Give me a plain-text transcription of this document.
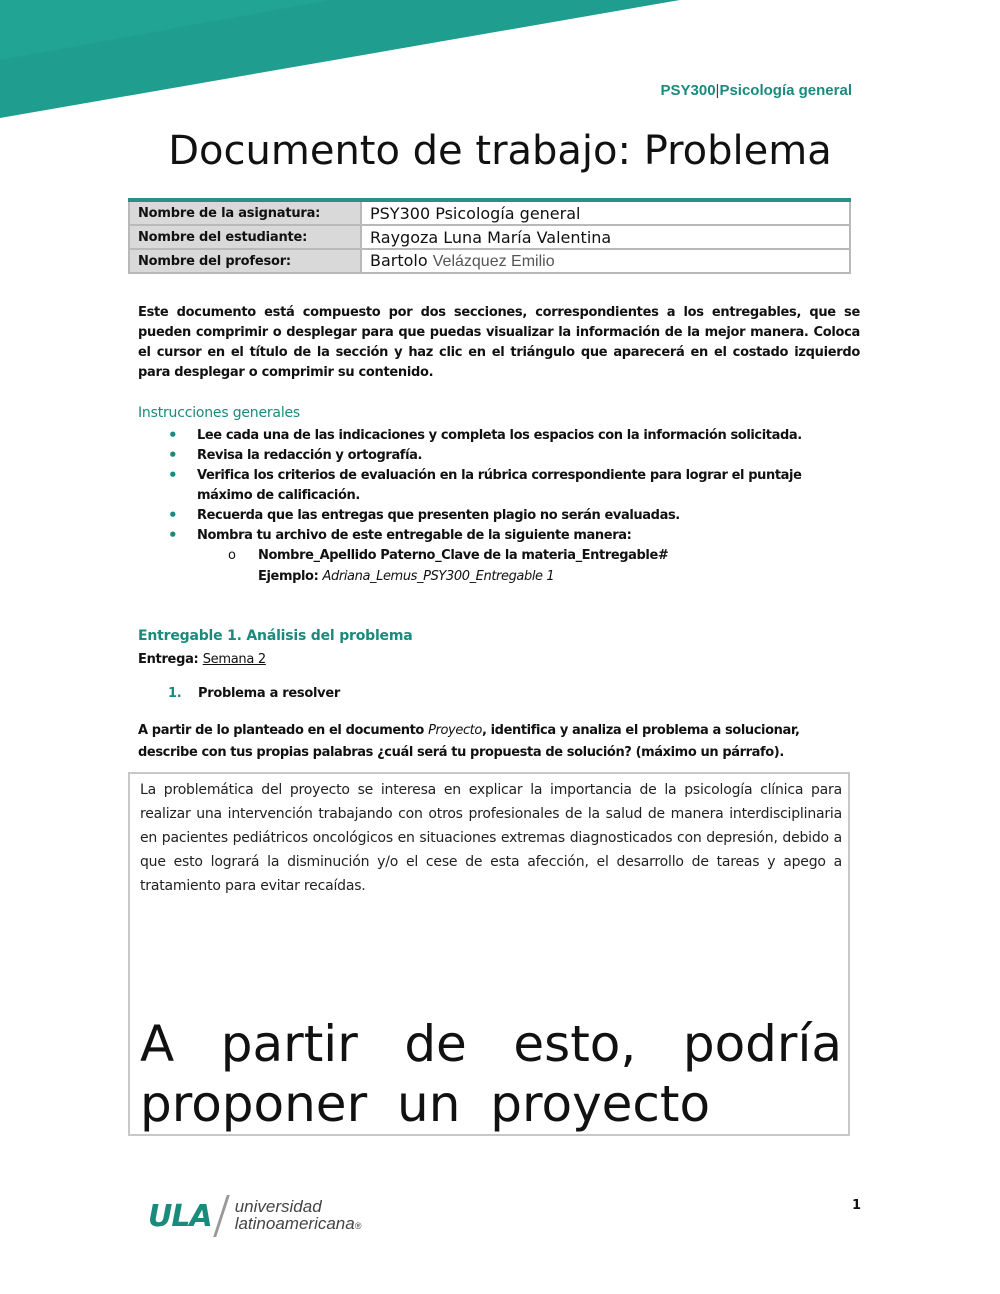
PSY300|Psicología general
Documento de trabajo: Problema
Nombre de la asignatura:	PSY300 Psicología general
Nombre del estudiante:	Raygoza Luna María Valentina
Nombre del profesor:	Bartolo Velázquez Emilio
Este documento está compuesto por dos secciones, correspondientes a los entregables, que se pueden comprimir o desplegar para que puedas visualizar la información de la mejor manera. Coloca el cursor en el título de la sección y haz clic en el triángulo que aparecerá en el costado izquierdo para desplegar o comprimir su contenido.
Instrucciones generales
• Lee cada una de las indicaciones y completa los espacios con la información solicitada.
• Revisa la redacción y ortografía.
• Verifica los criterios de evaluación en la rúbrica correspondiente para lograr el puntaje máximo de calificación.
• Recuerda que las entregas que presenten plagio no serán evaluadas.
• Nombra tu archivo de este entregable de la siguiente manera:
o	Nombre_Apellido Paterno_Clave de la materia_Entregable#
Ejemplo: Adriana_Lemus_PSY300_Entregable 1
Entregable 1. Análisis del problema
Entrega: Semana 2
1. Problema a resolver
A partir de lo planteado en el documento Proyecto, identifica y analiza el problema a solucionar, describe con tus propias palabras ¿cuál será tu propuesta de solución? (máximo un párrafo).
La problemática del proyecto se interesa en explicar la importancia de la psicología clínica para realizar una intervención trabajando con otros profesionales de la salud de manera interdisciplinaria en pacientes pediátricos oncológicos en situaciones extremas diagnosticados con depresión, debido a que esto logrará la disminución y/o el cese de esta afección, el desarrollo de tareas y apego a tratamiento para evitar recaídas.
A partir de esto, podría
proponer un proyecto
ULA universidad
latinoamericana®
1
